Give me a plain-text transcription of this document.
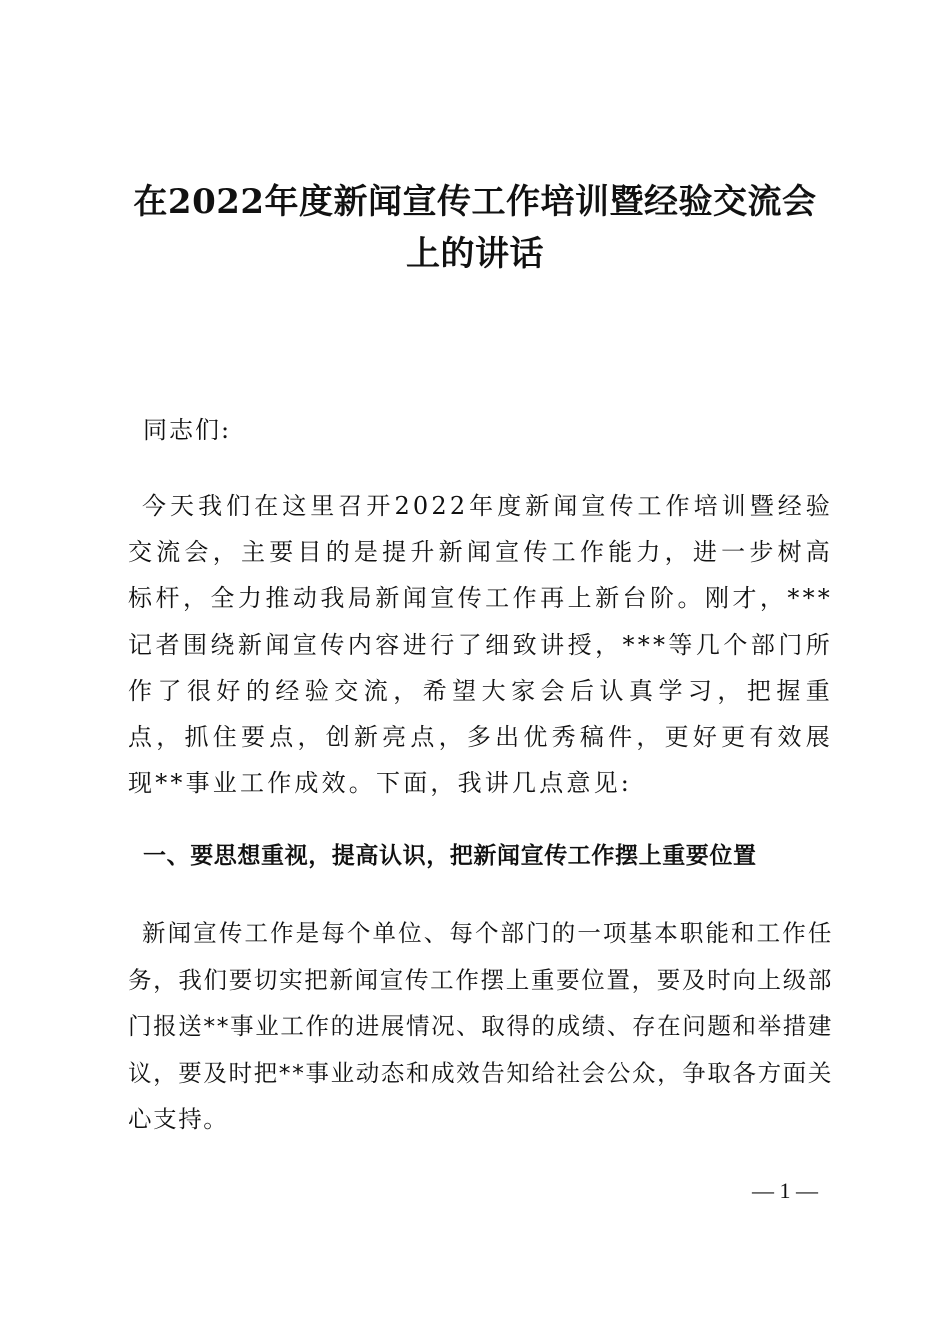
在2022年度新闻宣传工作培训暨经验交流会
上的讲话
同志们:
今天我们在这里召开2022年度新闻宣传工作培训暨经验交流会，主要目的是提升新闻宣传工作能力，进一步树高标杆，全力推动我局新闻宣传工作再上新台阶。刚才，***记者围绕新闻宣传内容进行了细致讲授，***等几个部门所作了很好的经验交流，希望大家会后认真学习，把握重点，抓住要点，创新亮点，多出优秀稿件，更好更有效展现**事业工作成效。下面，我讲几点意见:
一、要思想重视，提高认识，把新闻宣传工作摆上重要位置
新闻宣传工作是每个单位、每个部门的一项基本职能和工作任务，我们要切实把新闻宣传工作摆上重要位置，要及时向上级部门报送**事业工作的进展情况、取得的成绩、存在问题和举措建议，要及时把**事业动态和成效告知给社会公众，争取各方面关心支持。
— 1 —
